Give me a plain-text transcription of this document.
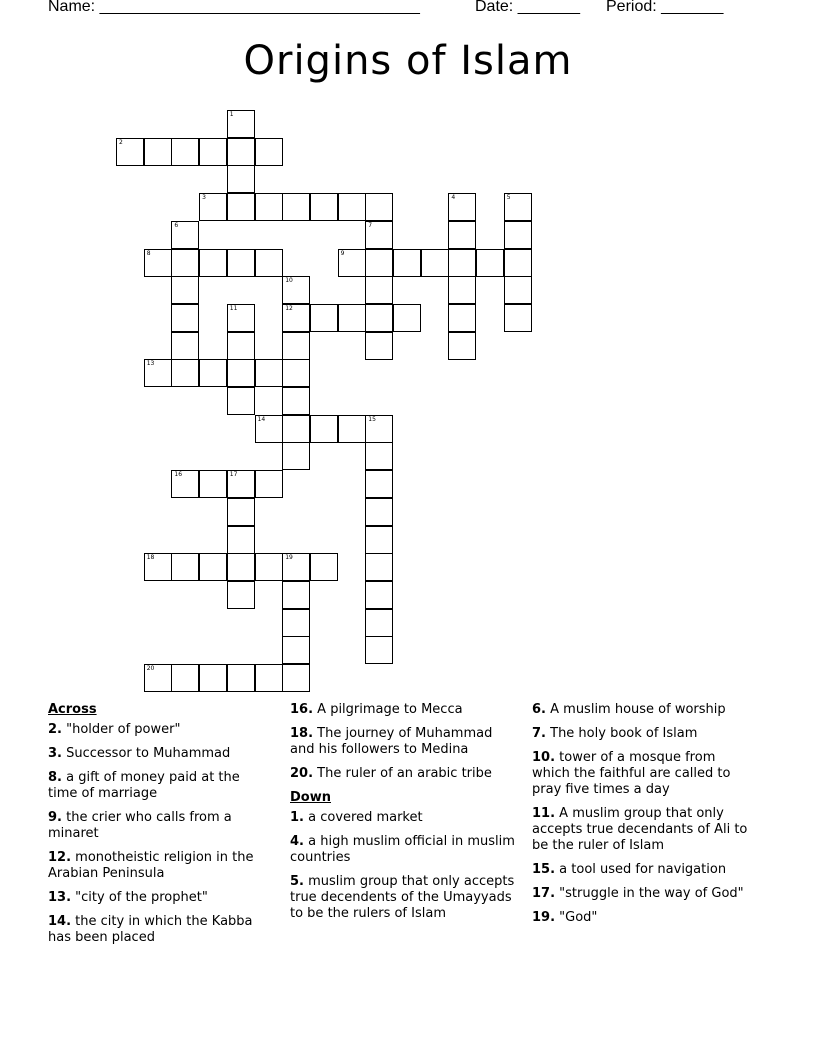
Name: ____________________________________	Date: _______ Period: _______
Origins of Islam
1
2
3	4	5
6	7
8	9
10
12
11
13
14	15
16	17
18	19
20
Across
2. "holder of power"
3. Successor to Muhammad
8. a gift of money paid at the time of marriage
9. the crier who calls from a minaret
12. monotheistic religion in the Arabian Peninsula
13. "city of the prophet"
14. the city in which the Kabba has been placed
16. A pilgrimage to Mecca
18. The journey of Muhammad and his followers to Medina
20. The ruler of an arabic tribe
Down
1. a covered market
4. a high muslim official in muslim countries
5. muslim group that only accepts true decendents of the Umayyads to be the rulers of Islam
6. A muslim house of worship
7. The holy book of Islam
10. tower of a mosque from which the faithful are called to pray five times a day
11. A muslim group that only accepts true decendants of Ali to be the ruler of Islam
15. a tool used for navigation
17. "struggle in the way of God"
19. "God"
